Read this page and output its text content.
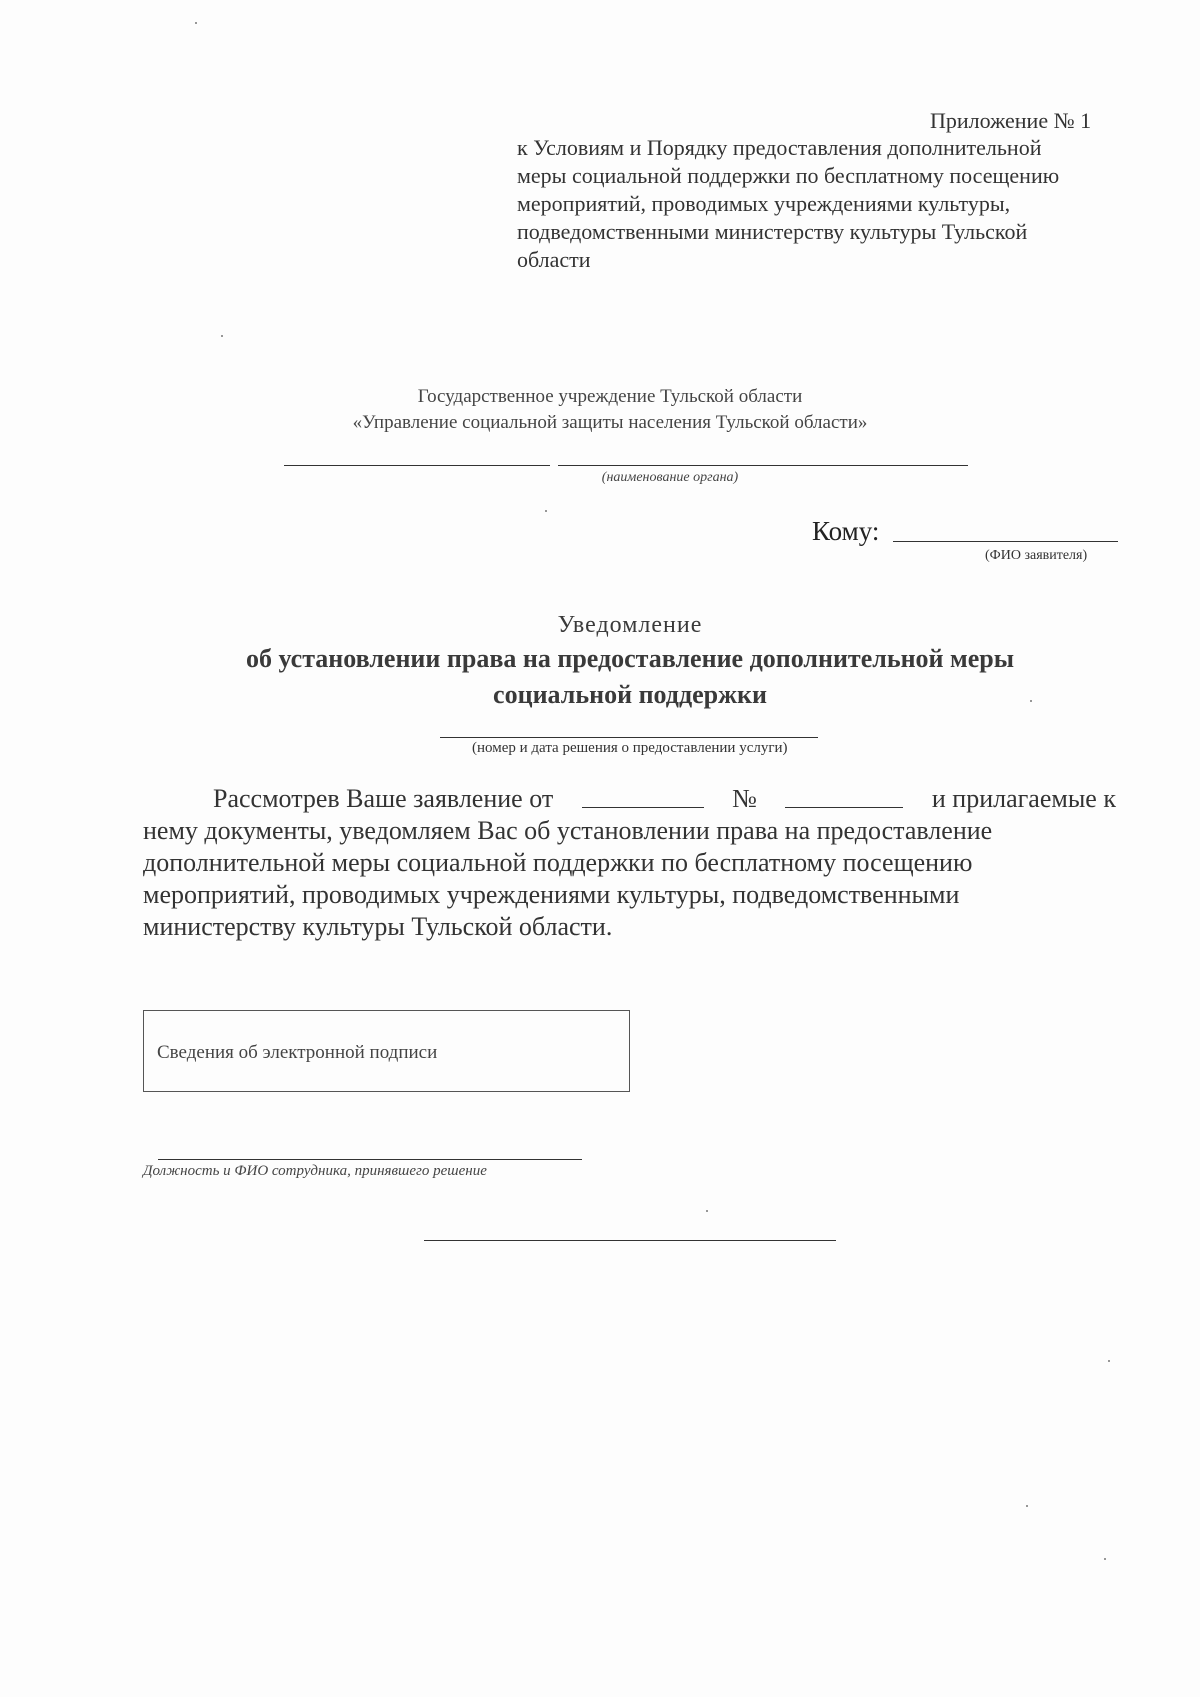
Приложение № 1
к Условиям и Порядку предоставления дополнительной
меры социальной поддержки по бесплатному посещению
мероприятий, проводимых учреждениями культуры,
подведомственными министерству культуры Тульской
области
Государственное учреждение Тульской области
«Управление социальной защиты населения Тульской области»
(наименование органа)
Кому:
(ФИО заявителя)
Уведомление
об установлении права на предоставление дополнительной меры
социальной поддержки
(номер и дата решения о предоставлении услуги)
Рассмотрев Ваше заявление от	№	и прилагаемые к
нему документы, уведомляем Вас об установлении права на предоставление
дополнительной меры социальной поддержки по бесплатному посещению
мероприятий, проводимых учреждениями культуры, подведомственными
министерству культуры Тульской области.
Сведения об электронной подписи
Должность и ФИО сотрудника, принявшего решение
